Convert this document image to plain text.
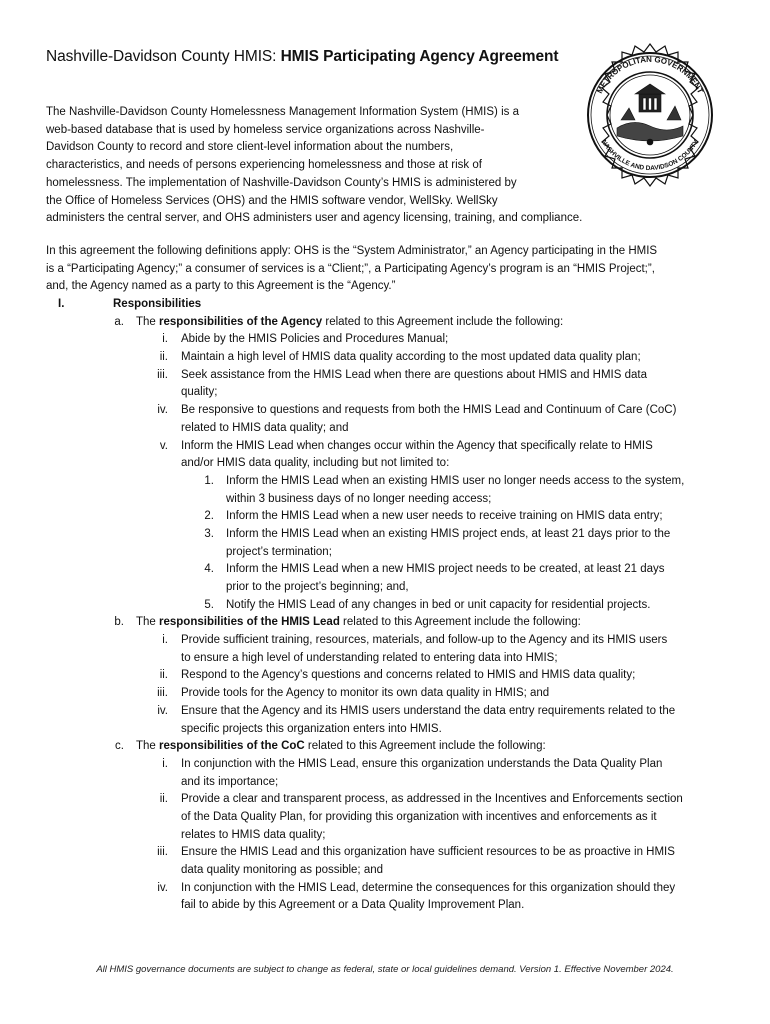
Nashville-Davidson County HMIS: HMIS Participating Agency Agreement
METROPOLITAN GOVERNMENT
NASHVILLE AND DAVIDSON COUNTY
The Nashville-Davidson County Homelessness Management Information System (HMIS) is a
web-based database that is used by homeless service organizations across Nashville-
Davidson County to record and store client-level information about the numbers,
characteristics, and needs of persons experiencing homelessness and those at risk of
homelessness. The implementation of Nashville-Davidson County’s HMIS is administered by
the Office of Homeless Services (OHS) and the HMIS software vendor, WellSky. WellSky
administers the central server, and OHS administers user and agency licensing, training, and compliance.
In this agreement the following definitions apply: OHS is the “System Administrator,” an Agency participating in the HMIS
is a “Participating Agency;” a consumer of services is a “Client;”, a Participating Agency’s program is an “HMIS Project;”,
and, the Agency named as a party to this Agreement is the “Agency.”
I.	Responsibilities
a. The responsibilities of the Agency related to this Agreement include the following:
i. Abide by the HMIS Policies and Procedures Manual;
ii. Maintain a high level of HMIS data quality according to the most updated data quality plan;
iii. Seek assistance from the HMIS Lead when there are questions about HMIS and HMIS data
quality;
iv. Be responsive to questions and requests from both the HMIS Lead and Continuum of Care (CoC)
related to HMIS data quality; and
v. Inform the HMIS Lead when changes occur within the Agency that specifically relate to HMIS
and/or HMIS data quality, including but not limited to:
1. Inform the HMIS Lead when an existing HMIS user no longer needs access to the system,
within 3 business days of no longer needing access;
2. Inform the HMIS Lead when a new user needs to receive training on HMIS data entry;
3. Inform the HMIS Lead when an existing HMIS project ends, at least 21 days prior to the
project’s termination;
4. Inform the HMIS Lead when a new HMIS project needs to be created, at least 21 days
prior to the project’s beginning; and,
5. Notify the HMIS Lead of any changes in bed or unit capacity for residential projects.
b. The responsibilities of the HMIS Lead related to this Agreement include the following:
i. Provide sufficient training, resources, materials, and follow-up to the Agency and its HMIS users
to ensure a high level of understanding related to entering data into HMIS;
ii. Respond to the Agency’s questions and concerns related to HMIS and HMIS data quality;
iii. Provide tools for the Agency to monitor its own data quality in HMIS; and
iv. Ensure that the Agency and its HMIS users understand the data entry requirements related to the
specific projects this organization enters into HMIS.
c. The responsibilities of the CoC related to this Agreement include the following:
i. In conjunction with the HMIS Lead, ensure this organization understands the Data Quality Plan
and its importance;
ii. Provide a clear and transparent process, as addressed in the Incentives and Enforcements section
of the Data Quality Plan, for providing this organization with incentives and enforcements as it
relates to HMIS data quality;
iii. Ensure the HMIS Lead and this organization have sufficient resources to be as proactive in HMIS
data quality monitoring as possible; and
iv. In conjunction with the HMIS Lead, determine the consequences for this organization should they
fail to abide by this Agreement or a Data Quality Improvement Plan.
All HMIS governance documents are subject to change as federal, state or local guidelines demand. Version 1. Effective November 2024.
